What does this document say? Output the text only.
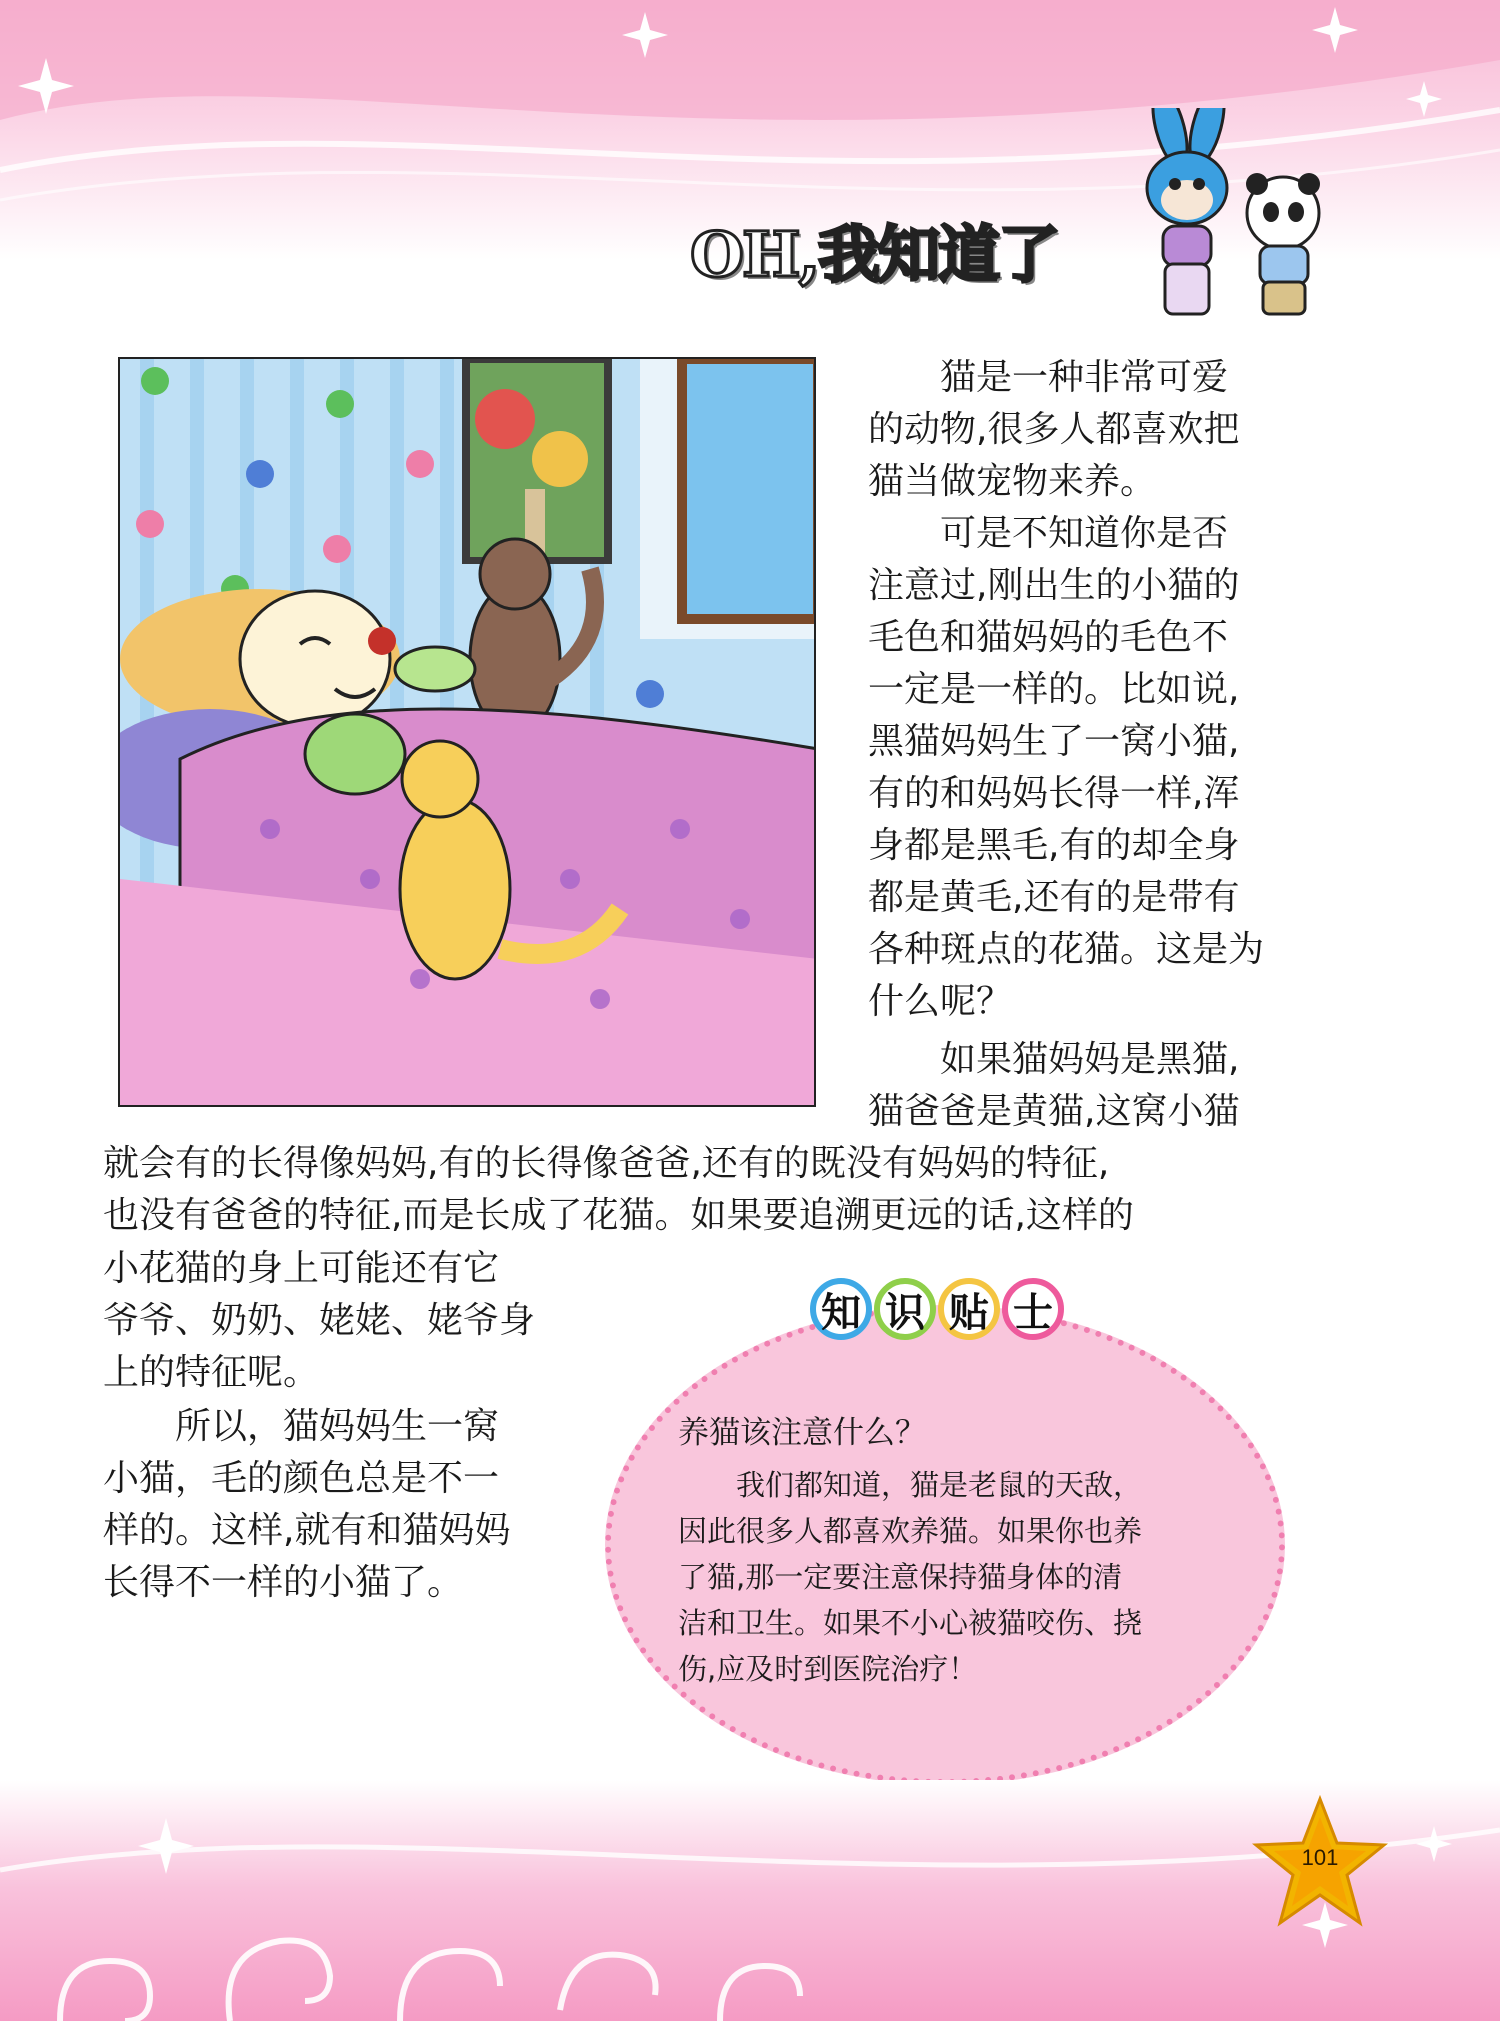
OH,我知道了
　　猫是一种非常可爱
的动物,很多人都喜欢把
猫当做宠物来养。
　　可是不知道你是否
注意过,刚出生的小猫的
毛色和猫妈妈的毛色不
一定是一样的。比如说,
黑猫妈妈生了一窝小猫,
有的和妈妈长得一样,浑
身都是黑毛,有的却全身
都是黄毛,还有的是带有
各种斑点的花猫。这是为
什么呢？
　　如果猫妈妈是黑猫,
猫爸爸是黄猫,这窝小猫
就会有的长得像妈妈,有的长得像爸爸,还有的既没有妈妈的特征,
也没有爸爸的特征,而是长成了花猫。如果要追溯更远的话,这样的
小花猫的身上可能还有它
爷爷、奶奶、姥姥、姥爷身
上的特征呢。
　　所以，猫妈妈生一窝
小猫，毛的颜色总是不一
样的。这样,就有和猫妈妈
长得不一样的小猫了。
知 识 贴 士
养猫该注意什么？
　　我们都知道，猫是老鼠的天敌，
因此很多人都喜欢养猫。如果你也养
了猫,那一定要注意保持猫身体的清
洁和卫生。如果不小心被猫咬伤、挠
伤,应及时到医院治疗！
101
